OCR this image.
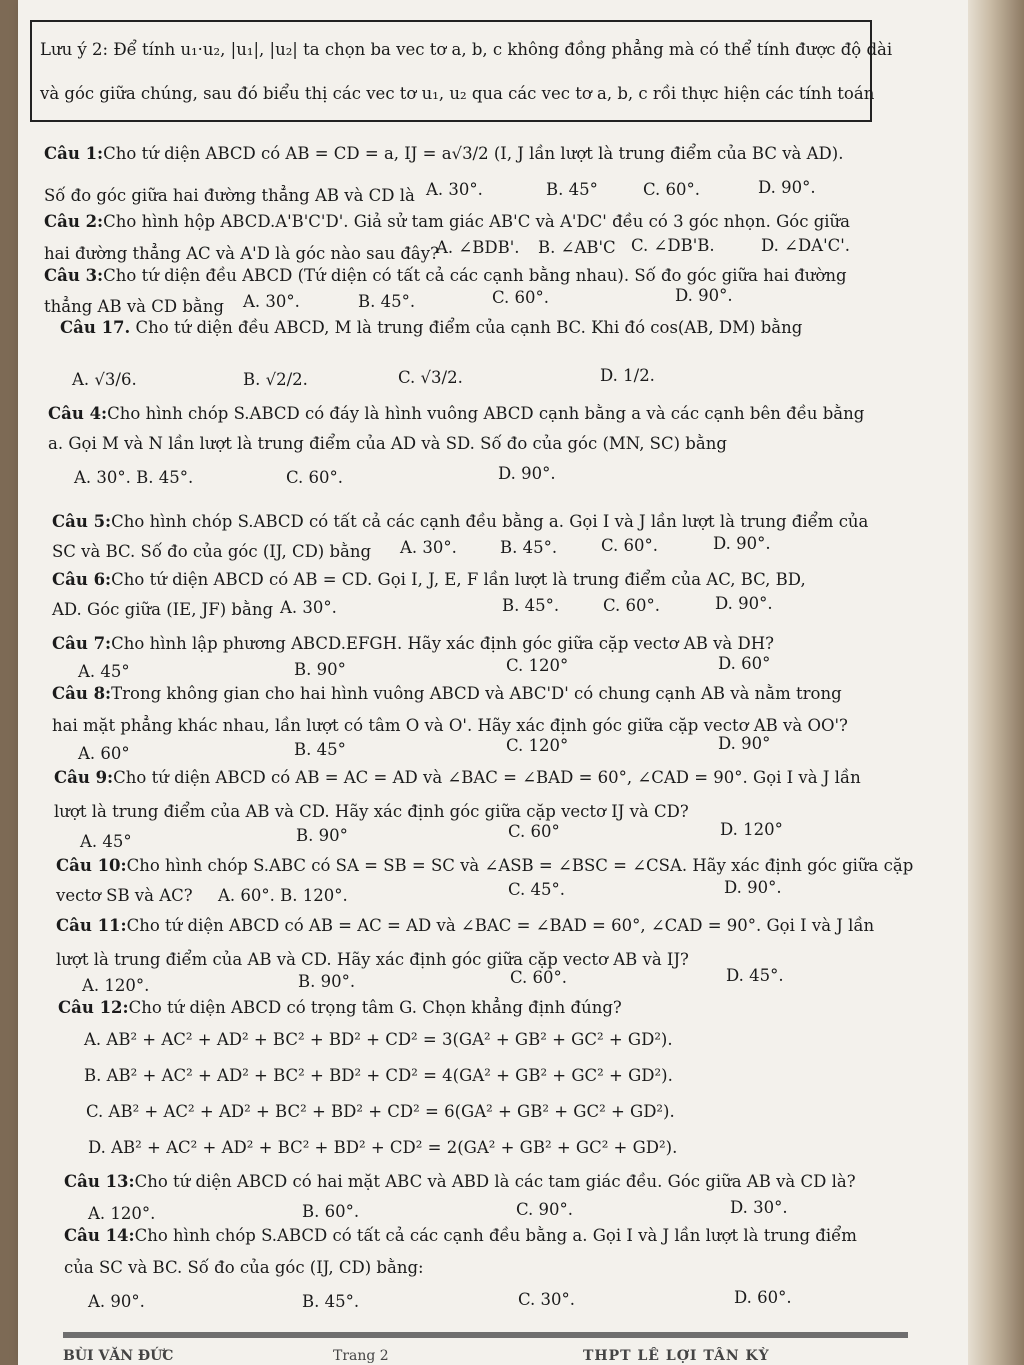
Lưu ý 2: Để tính u₁·u₂, |u₁|, |u₂| ta chọn ba vec tơ a, b, c không đồng phẳng mà có thể tính được độ dài
và góc giữa chúng, sau đó biểu thị các vec tơ u₁, u₂ qua các vec tơ a, b, c rồi thực hiện các tính toán
Câu 1:Cho tứ diện ABCD có AB = CD = a, IJ = a√3/2 (I, J lần lượt là trung điểm của BC và AD).
Số đo góc giữa hai đường thẳng AB và CD là A. 30°.	B. 45°	C. 60°.	D. 90°.
Câu 2:Cho hình hộp ABCD.A'B'C'D'. Giả sử tam giác AB'C và A'DC' đều có 3 góc nhọn. Góc giữa
hai đường thẳng AC và A'D là góc nào sau đây?
A. ∠BDB'. B. ∠AB'C C. ∠DB'B.	D. ∠DA'C'.
Câu 3:Cho tứ diện đều ABCD (Tứ diện có tất cả các cạnh bằng nhau). Số đo góc giữa hai đường
thẳng AB và CD bằng A. 30°.	B. 45°.	C. 60°.	D. 90°.
Câu 17. Cho tứ diện đều ABCD, M là trung điểm của cạnh BC. Khi đó cos(AB, DM) bằng
A. √3/6.	B. √2/2.	C. √3/2.	D. 1/2.
Câu 4:Cho hình chóp S.ABCD có đáy là hình vuông ABCD cạnh bằng a và các cạnh bên đều bằng
a. Gọi M và N lần lượt là trung điểm của AD và SD. Số đo của góc (MN, SC) bằng
A. 30°. B. 45°.	C. 60°.	D. 90°.
Câu 5:Cho hình chóp S.ABCD có tất cả các cạnh đều bằng a. Gọi I và J lần lượt là trung điểm của
SC và BC. Số đo của góc (IJ, CD) bằng A. 30°.	B. 45°.	C. 60°.	D. 90°.
Câu 6:Cho tứ diện ABCD có AB = CD. Gọi I, J, E, F lần lượt là trung điểm của AC, BC, BD,
AD. Góc giữa (IE, JF) bằng A. 30°.	B. 45°.	C. 60°.	D. 90°.
Câu 7:Cho hình lập phương ABCD.EFGH. Hãy xác định góc giữa cặp vectơ AB và DH?
A. 45°	B. 90°	C. 120°	D. 60°
Câu 8:Trong không gian cho hai hình vuông ABCD và ABC'D' có chung cạnh AB và nằm trong
hai mặt phẳng khác nhau, lần lượt có tâm O và O'. Hãy xác định góc giữa cặp vectơ AB và OO'?
A. 60°	B. 45°	C. 120°	D. 90°
Câu 9:Cho tứ diện ABCD có AB = AC = AD và ∠BAC = ∠BAD = 60°, ∠CAD = 90°. Gọi I và J lần
lượt là trung điểm của AB và CD. Hãy xác định góc giữa cặp vectơ IJ và CD?
A. 45°	B. 90°	C. 60°	D. 120°
Câu 10:Cho hình chóp S.ABC có SA = SB = SC và ∠ASB = ∠BSC = ∠CSA. Hãy xác định góc giữa cặp
vectơ SB và AC? A. 60°. B. 120°.	C. 45°.	D. 90°.
Câu 11:Cho tứ diện ABCD có AB = AC = AD và ∠BAC = ∠BAD = 60°, ∠CAD = 90°. Gọi I và J lần
lượt là trung điểm của AB và CD. Hãy xác định góc giữa cặp vectơ AB và IJ?
A. 120°.	B. 90°.	C. 60°.	D. 45°.
Câu 12:Cho tứ diện ABCD có trọng tâm G. Chọn khẳng định đúng?
A. AB² + AC² + AD² + BC² + BD² + CD² = 3(GA² + GB² + GC² + GD²).
B. AB² + AC² + AD² + BC² + BD² + CD² = 4(GA² + GB² + GC² + GD²).
C. AB² + AC² + AD² + BC² + BD² + CD² = 6(GA² + GB² + GC² + GD²).
D. AB² + AC² + AD² + BC² + BD² + CD² = 2(GA² + GB² + GC² + GD²).
Câu 13:Cho tứ diện ABCD có hai mặt ABC và ABD là các tam giác đều. Góc giữa AB và CD là?
A. 120°.	B. 60°.	C. 90°.	D. 30°.
Câu 14:Cho hình chóp S.ABCD có tất cả các cạnh đều bằng a. Gọi I và J lần lượt là trung điểm
của SC và BC. Số đo của góc (IJ, CD) bằng:
A. 90°.	B. 45°.	C. 30°.	D. 60°.
BÙI VĂN ĐỨC	Trang 2	THPT LÊ LỢI TÂN KỲ
